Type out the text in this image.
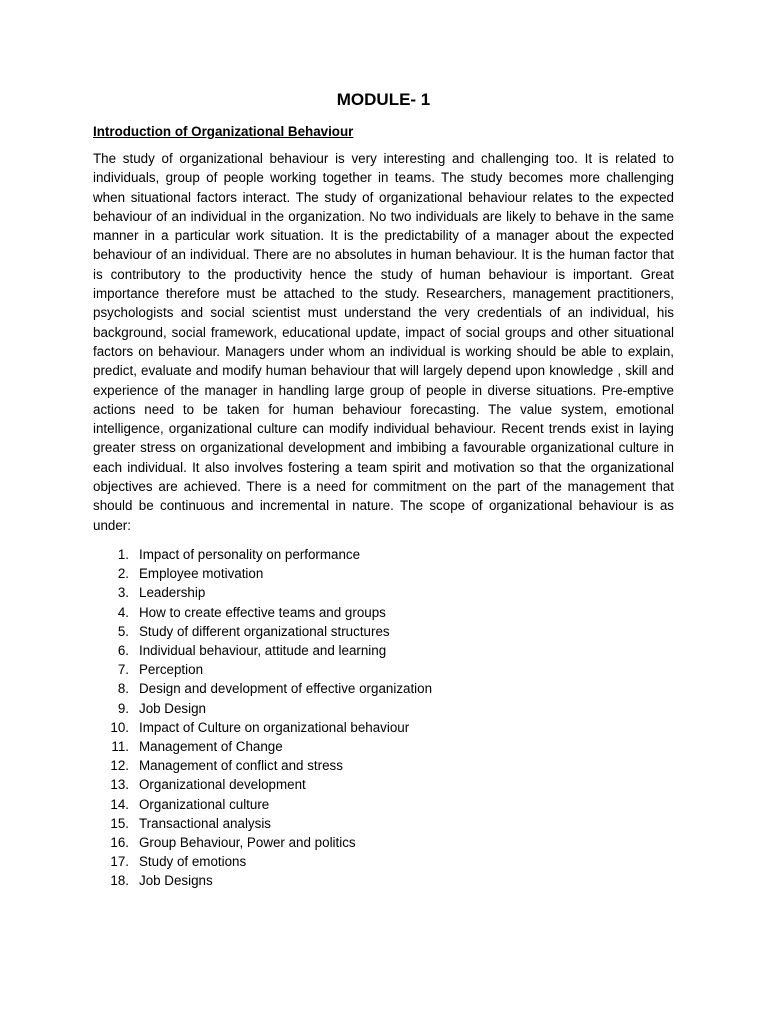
MODULE- 1
Introduction of Organizational Behaviour

The study of organizational behaviour is very interesting and challenging too. It is related to individuals, group of people working together in teams. The study becomes more challenging when situational factors interact. The study of organizational behaviour relates to the expected behaviour of an individual in the organization. No two individuals are likely to behave in the same manner in a particular work situation. It is the predictability of a manager about the expected behaviour of an individual. There are no absolutes in human behaviour. It is the human factor that is contributory to the productivity hence the study of human behaviour is important. Great importance therefore must be attached to the study. Researchers, management practitioners, psychologists and social scientist must understand the very credentials of an individual, his background, social framework, educational update, impact of social groups and other situational factors on behaviour. Managers under whom an individual is working should be able to explain, predict, evaluate and modify human behaviour that will largely depend upon knowledge , skill and experience of the manager in handling large group of people in diverse situations. Pre-emptive actions need to be taken for human behaviour forecasting. The value system, emotional intelligence, organizational culture can modify individual behaviour. Recent trends exist in laying greater stress on organizational development and imbibing a favourable organizational culture in each individual. It also involves fostering a team spirit and motivation so that the organizational objectives are achieved. There is a need for commitment on the part of the management that should be continuous and incremental in nature. The scope of organizational behaviour is as under:

1. Impact of personality on performance
2. Employee motivation
3. Leadership
4. How to create effective teams and groups
5. Study of different organizational structures
6. Individual behaviour, attitude and learning
7. Perception
8. Design and development of effective organization
9. Job Design
10. Impact of Culture on organizational behaviour
11. Management of Change
12. Management of conflict and stress
13. Organizational development
14. Organizational culture
15. Transactional analysis
16. Group Behaviour, Power and politics
17. Study of emotions
18. Job Designs
